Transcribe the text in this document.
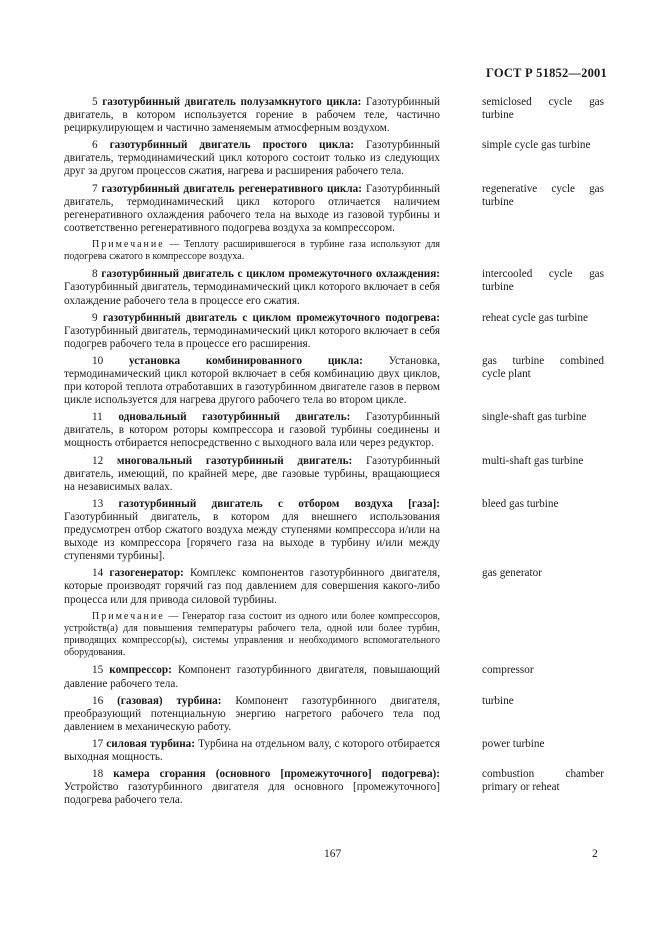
ГОСТ Р 51852—2001

5 газотурбинный двигатель полузамкнутого цикла: Газотурбинный двигатель, в котором используется горение в рабочем теле, частично рециркулирующем и частично заменяемым атмосферным воздухом.

semiclosed cycle gas turbine

6 газотурбинный двигатель простого цикла: Газотурбинный двигатель, термодинамический цикл которого состоит только из следующих друг за другом процессов сжатия, нагрева и расширения рабочего тела.

simple cycle gas turbine

7 газотурбинный двигатель регенеративного цикла: Газотурбинный двигатель, термодинамический цикл которого отличается наличием регенеративного охлаждения рабочего тела на выходе из газовой турбины и соответственно регенеративного подогрева воздуха за компрессором.

regenerative cycle gas turbine
Примечание — Теплоту расширившегося в турбине газа используют для подогрева сжатого в компрессоре воздуха.

8 газотурбинный двигатель с циклом промежуточного охлаждения: Газотурбинный двигатель, термодинамический цикл которого включает в себя охлаждение рабочего тела в процессе его сжатия.

intercooled cycle gas turbine

9 газотурбинный двигатель с циклом промежуточного подогрева: Газотурбинный двигатель, термодинамический цикл которого включает в себя подогрев рабочего тела в процессе его расширения.

reheat cycle gas turbine

10 установка комбинированного цикла: Установка, термодинамический цикл которой включает в себя комбинацию двух циклов, при которой теплота отработавших в газотурбинном двигателе газов в первом цикле используется для нагрева другого рабочего тела во втором цикле.

gas turbine combined cycle plant

11 одновальный газотурбинный двигатель: Газотурбинный двигатель, в котором роторы компрессора и газовой турбины соединены и мощность отбирается непосредственно с выходного вала или через редуктор.

single-shaft gas turbine

12 многовальный газотурбинный двигатель: Газотурбинный двигатель, имеющий, по крайней мере, две газовые турбины, вращающиеся на независимых валах.

multi-shaft gas turbine

13 газотурбинный двигатель с отбором воздуха [газа]: Газотурбинный двигатель, в котором для внешнего использования предусмотрен отбор сжатого воздуха между ступенями компрессора и/или на выходе из компрессора [горячего газа на выходе в турбину и/или между ступенями турбины].

bleed gas turbine

14 газогенератор: Комплекс компонентов газотурбинного двигателя, которые производят горячий газ под давлением для совершения какого-либо процесса или для привода силовой турбины.

gas generator
Примечание — Генератор газа состоит из одного или более компрессоров, устройств(а) для повышения температуры рабочего тела, одной или более турбин, приводящих компрессор(ы), системы управления и необходимого вспомогательного оборудования.

15 компрессор: Компонент газотурбинного двигателя, повышающий давление рабочего тела.

compressor

16 (газовая) турбина: Компонент газотурбинного двигателя, преобразующий потенциальную энергию нагретого рабочего тела под давлением в механическую работу.

turbine

17 силовая турбина: Турбина на отдельном валу, с которого отбирается выходная мощность.

power turbine

18 камера сгорания (основного [промежуточного] подогрева): Устройство газотурбинного двигателя для основного [промежуточного] подогрева рабочего тела.

combustion chamber primary or reheat
167	2
